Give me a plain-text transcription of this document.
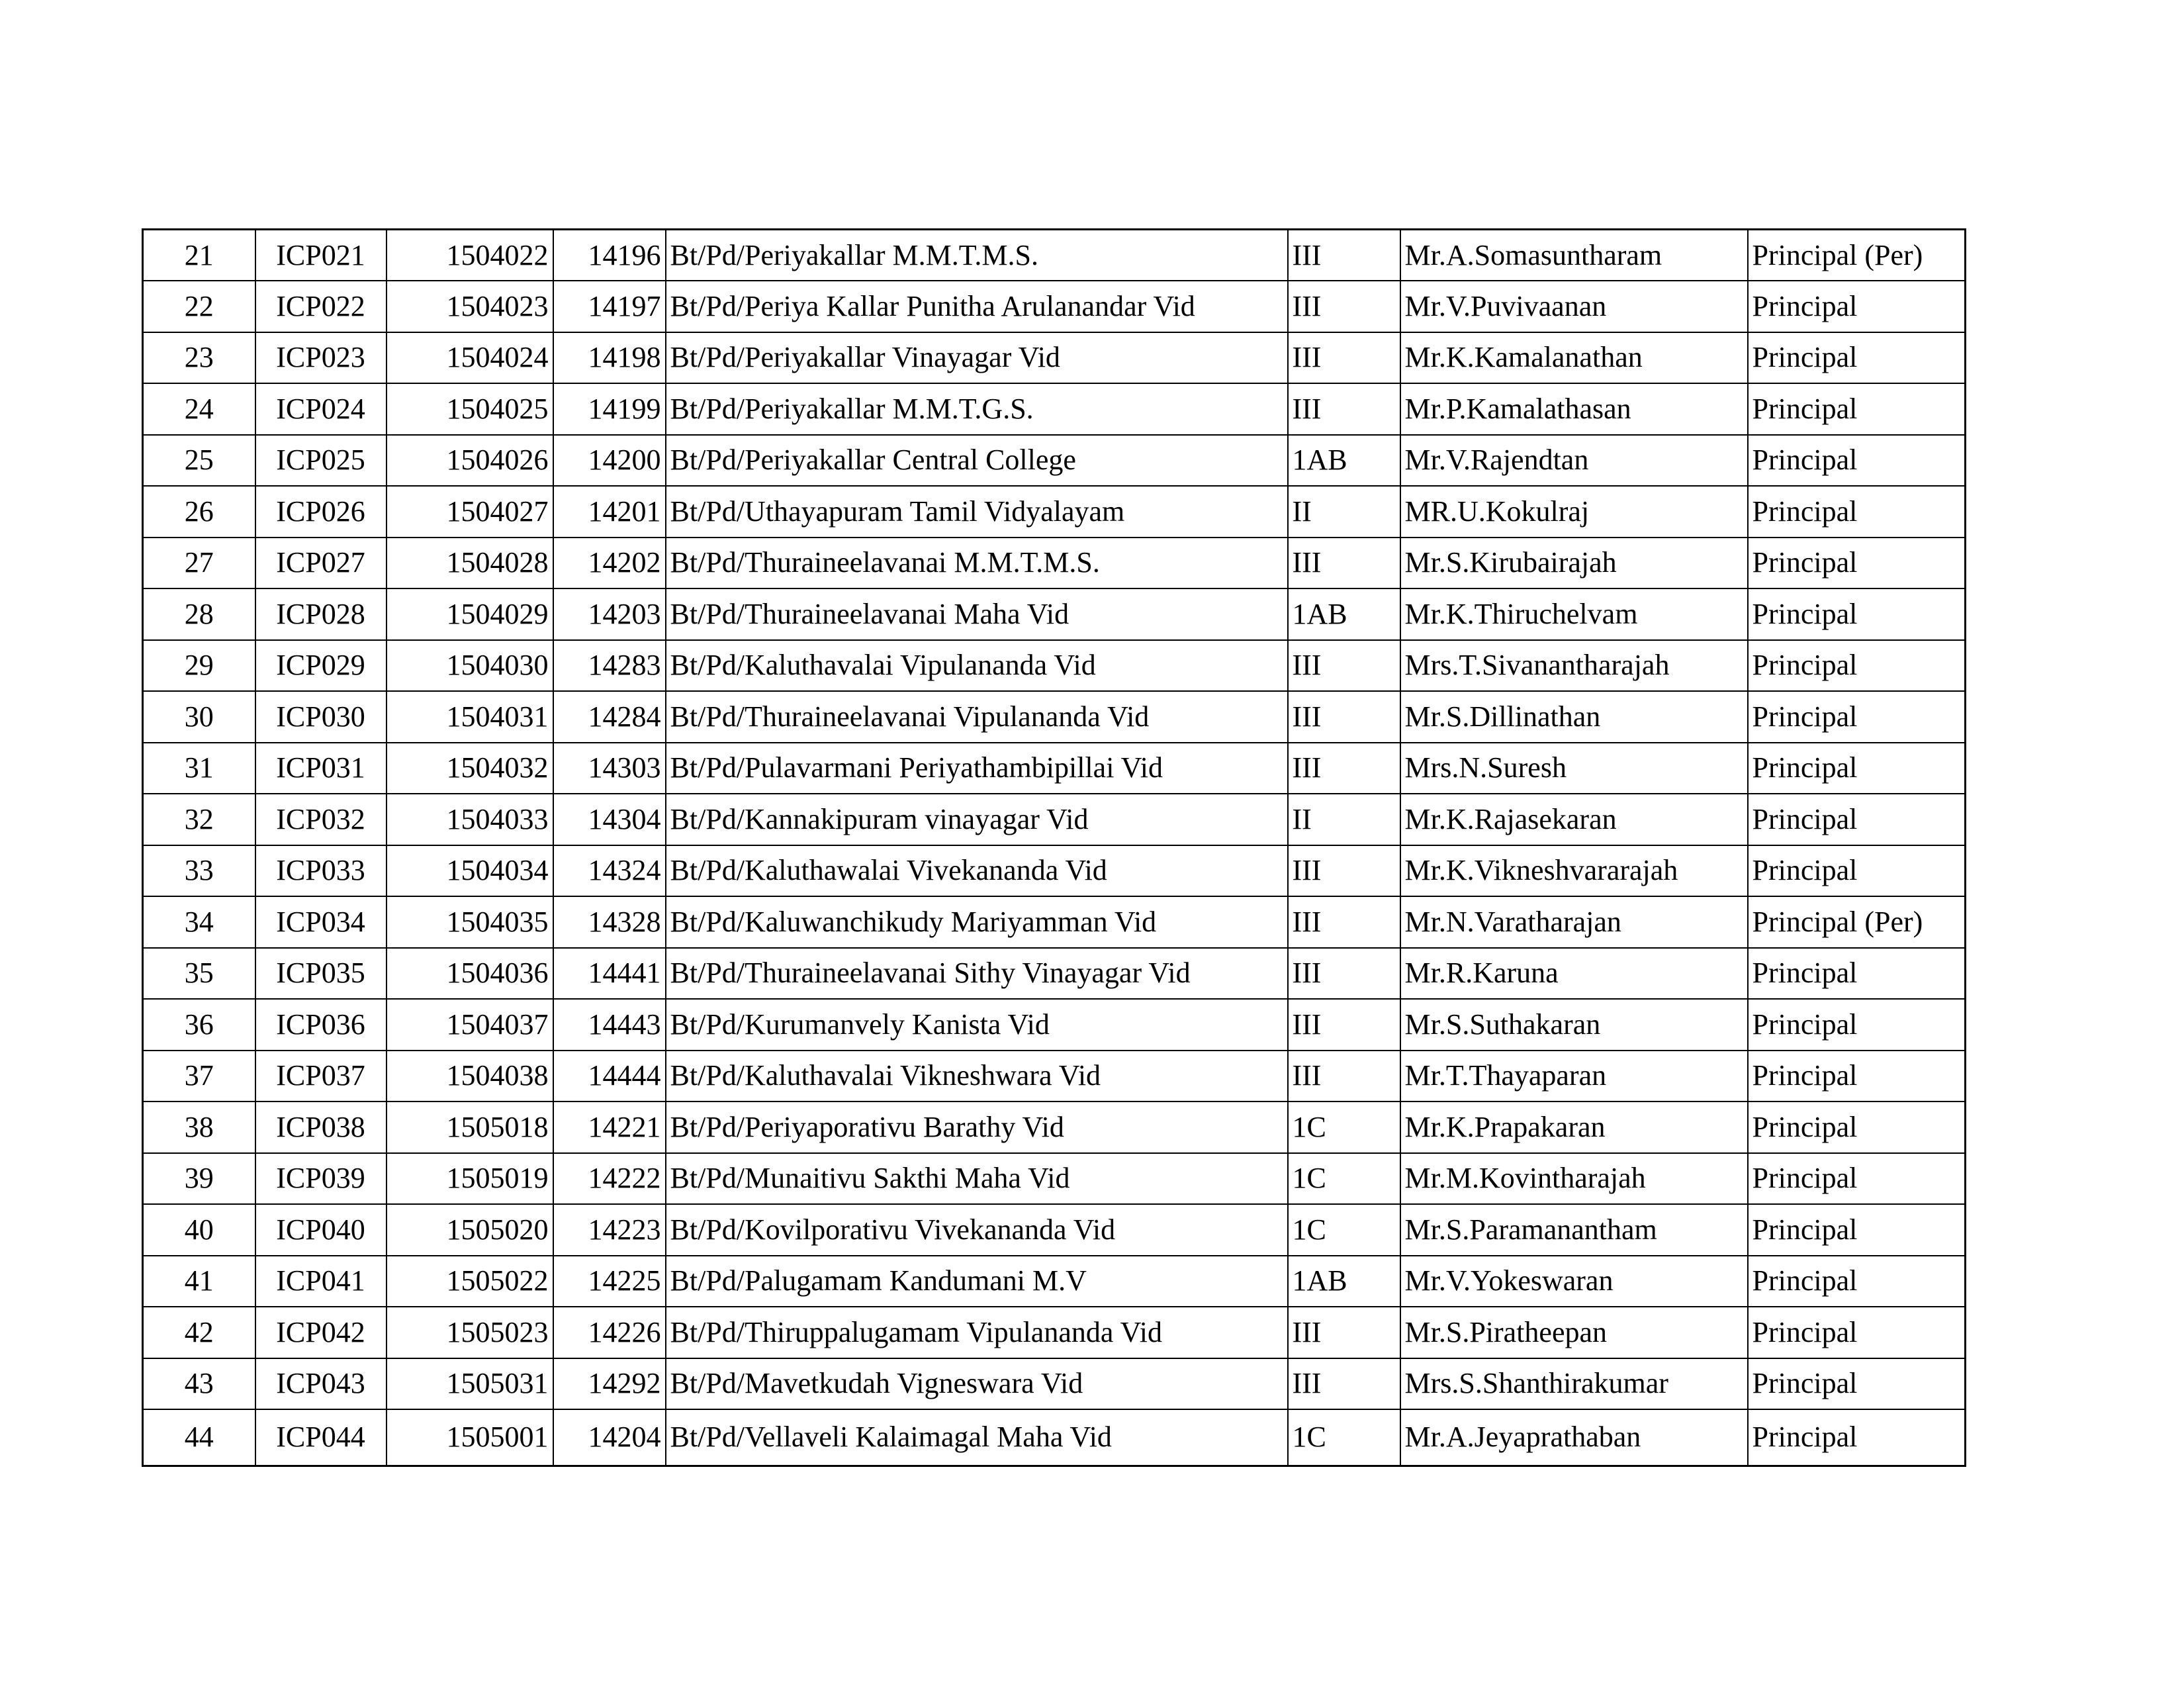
21	ICP021	1504022	14196	Bt/Pd/Periyakallar M.M.T.M.S.	III	Mr.A.Somasuntharam	Principal (Per)
22	ICP022	1504023	14197	Bt/Pd/Periya Kallar Punitha Arulanandar Vid	III	Mr.V.Puvivaanan	Principal
23	ICP023	1504024	14198	Bt/Pd/Periyakallar Vinayagar Vid	III	Mr.K.Kamalanathan	Principal
24	ICP024	1504025	14199	Bt/Pd/Periyakallar M.M.T.G.S.	III	Mr.P.Kamalathasan	Principal
25	ICP025	1504026	14200	Bt/Pd/Periyakallar Central College	1AB	Mr.V.Rajendtan	Principal
26	ICP026	1504027	14201	Bt/Pd/Uthayapuram Tamil Vidyalayam	II	MR.U.Kokulraj	Principal
27	ICP027	1504028	14202	Bt/Pd/Thuraineelavanai M.M.T.M.S.	III	Mr.S.Kirubairajah	Principal
28	ICP028	1504029	14203	Bt/Pd/Thuraineelavanai Maha Vid	1AB	Mr.K.Thiruchelvam	Principal
29	ICP029	1504030	14283	Bt/Pd/Kaluthavalai Vipulananda Vid	III	Mrs.T.Sivanantharajah	Principal
30	ICP030	1504031	14284	Bt/Pd/Thuraineelavanai Vipulananda Vid	III	Mr.S.Dillinathan	Principal
31	ICP031	1504032	14303	Bt/Pd/Pulavarmani Periyathambipillai Vid	III	Mrs.N.Suresh	Principal
32	ICP032	1504033	14304	Bt/Pd/Kannakipuram vinayagar Vid	II	Mr.K.Rajasekaran	Principal
33	ICP033	1504034	14324	Bt/Pd/Kaluthawalai Vivekananda Vid	III	Mr.K.Vikneshvararajah	Principal
34	ICP034	1504035	14328	Bt/Pd/Kaluwanchikudy Mariyamman Vid	III	Mr.N.Varatharajan	Principal (Per)
35	ICP035	1504036	14441	Bt/Pd/Thuraineelavanai Sithy Vinayagar Vid	III	Mr.R.Karuna	Principal
36	ICP036	1504037	14443	Bt/Pd/Kurumanvely Kanista Vid	III	Mr.S.Suthakaran	Principal
37	ICP037	1504038	14444	Bt/Pd/Kaluthavalai Vikneshwara Vid	III	Mr.T.Thayaparan	Principal
38	ICP038	1505018	14221	Bt/Pd/Periyaporativu Barathy Vid	1C	Mr.K.Prapakaran	Principal
39	ICP039	1505019	14222	Bt/Pd/Munaitivu Sakthi Maha Vid	1C	Mr.M.Kovintharajah	Principal
40	ICP040	1505020	14223	Bt/Pd/Kovilporativu Vivekananda Vid	1C	Mr.S.Paramanantham	Principal
41	ICP041	1505022	14225	Bt/Pd/Palugamam Kandumani M.V	1AB	Mr.V.Yokeswaran	Principal
42	ICP042	1505023	14226	Bt/Pd/Thiruppalugamam Vipulananda Vid	III	Mr.S.Piratheepan	Principal
43	ICP043	1505031	14292	Bt/Pd/Mavetkudah Vigneswara Vid	III	Mrs.S.Shanthirakumar	Principal
44	ICP044	1505001	14204	Bt/Pd/Vellaveli Kalaimagal Maha Vid	1C	Mr.A.Jeyaprathaban	Principal
